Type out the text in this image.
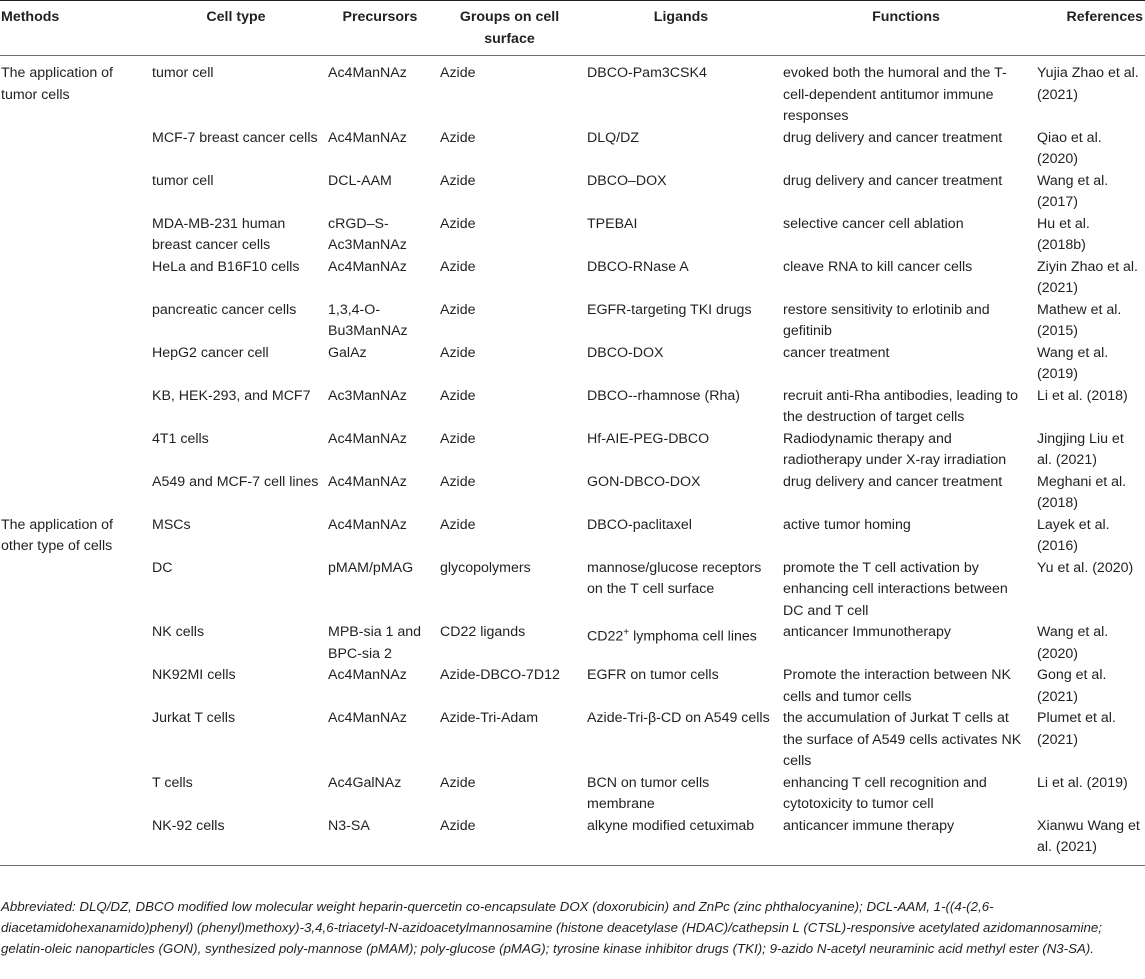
Methods	Cell type	Precursors	Groups on cell surface	Ligands	Functions	References
The application of tumor cells	tumor cell	Ac4ManNAz	Azide	DBCO-Pam3CSK4	evoked both the humoral and the T-cell-dependent antitumor immune responses	Yujia Zhao et al. (2021)
	MCF-7 breast cancer cells	Ac4ManNAz	Azide	DLQ/DZ	drug delivery and cancer treatment	Qiao et al. (2020)
	tumor cell	DCL-AAM	Azide	DBCO–DOX	drug delivery and cancer treatment	Wang et al. (2017)
	MDA-MB-231 human breast cancer cells	cRGD–S-Ac3ManNAz	Azide	TPEBAI	selective cancer cell ablation	Hu et al. (2018b)
	HeLa and B16F10 cells	Ac4ManNAz	Azide	DBCO-RNase A	cleave RNA to kill cancer cells	Ziyin Zhao et al. (2021)
	pancreatic cancer cells	1,3,4-O-Bu3ManNAz	Azide	EGFR-targeting TKI drugs	restore sensitivity to erlotinib and gefitinib	Mathew et al. (2015)
	HepG2 cancer cell	GalAz	Azide	DBCO-DOX	cancer treatment	Wang et al. (2019)
	KB, HEK-293, and MCF7	Ac3ManNAz	Azide	DBCO--rhamnose (Rha)	recruit anti-Rha antibodies, leading to the destruction of target cells	Li et al. (2018)
	4T1 cells	Ac4ManNAz	Azide	Hf-AIE-PEG-DBCO	Radiodynamic therapy and radiotherapy under X-ray irradiation	Jingjing Liu et al. (2021)
	A549 and MCF-7 cell lines	Ac4ManNAz	Azide	GON-DBCO-DOX	drug delivery and cancer treatment	Meghani et al. (2018)
The application of other type of cells	MSCs	Ac4ManNAz	Azide	DBCO-paclitaxel	active tumor homing	Layek et al. (2016)
	DC	pMAM/pMAG	glycopolymers	mannose/glucose receptors on the T cell surface	promote the T cell activation by enhancing cell interactions between DC and T cell	Yu et al. (2020)
	NK cells	MPB-sia 1 and BPC-sia 2	CD22 ligands	CD22+ lymphoma cell lines	anticancer Immunotherapy	Wang et al. (2020)
	NK92MI cells	Ac4ManNAz	Azide-DBCO-7D12	EGFR on tumor cells	Promote the interaction between NK cells and tumor cells	Gong et al. (2021)
	Jurkat T cells	Ac4ManNAz	Azide-Tri-Adam	Azide-Tri-β-CD on A549 cells	the accumulation of Jurkat T cells at the surface of A549 cells activates NK cells	Plumet et al. (2021)
	T cells	Ac4GalNAz	Azide	BCN on tumor cells membrane	enhancing T cell recognition and cytotoxicity to tumor cell	Li et al. (2019)
	NK-92 cells	N3-SA	Azide	alkyne modified cetuximab	anticancer immune therapy	Xianwu Wang et al. (2021)
Abbreviated: DLQ/DZ, DBCO modified low molecular weight heparin-quercetin co-encapsulate DOX (doxorubicin) and ZnPc (zinc phthalocyanine); DCL-AAM, 1-((4-(2,6-diacetamidohexanamido)phenyl) (phenyl)methoxy)-3,4,6-triacetyl-N-azidoacetylmannosamine (histone deacetylase (HDAC)/cathepsin L (CTSL)-responsive acetylated azidomannosamine; gelatin-oleic nanoparticles (GON), synthesized poly-mannose (pMAM); poly-glucose (pMAG); tyrosine kinase inhibitor drugs (TKI); 9-azido N-acetyl neuraminic acid methyl ester (N3-SA).
